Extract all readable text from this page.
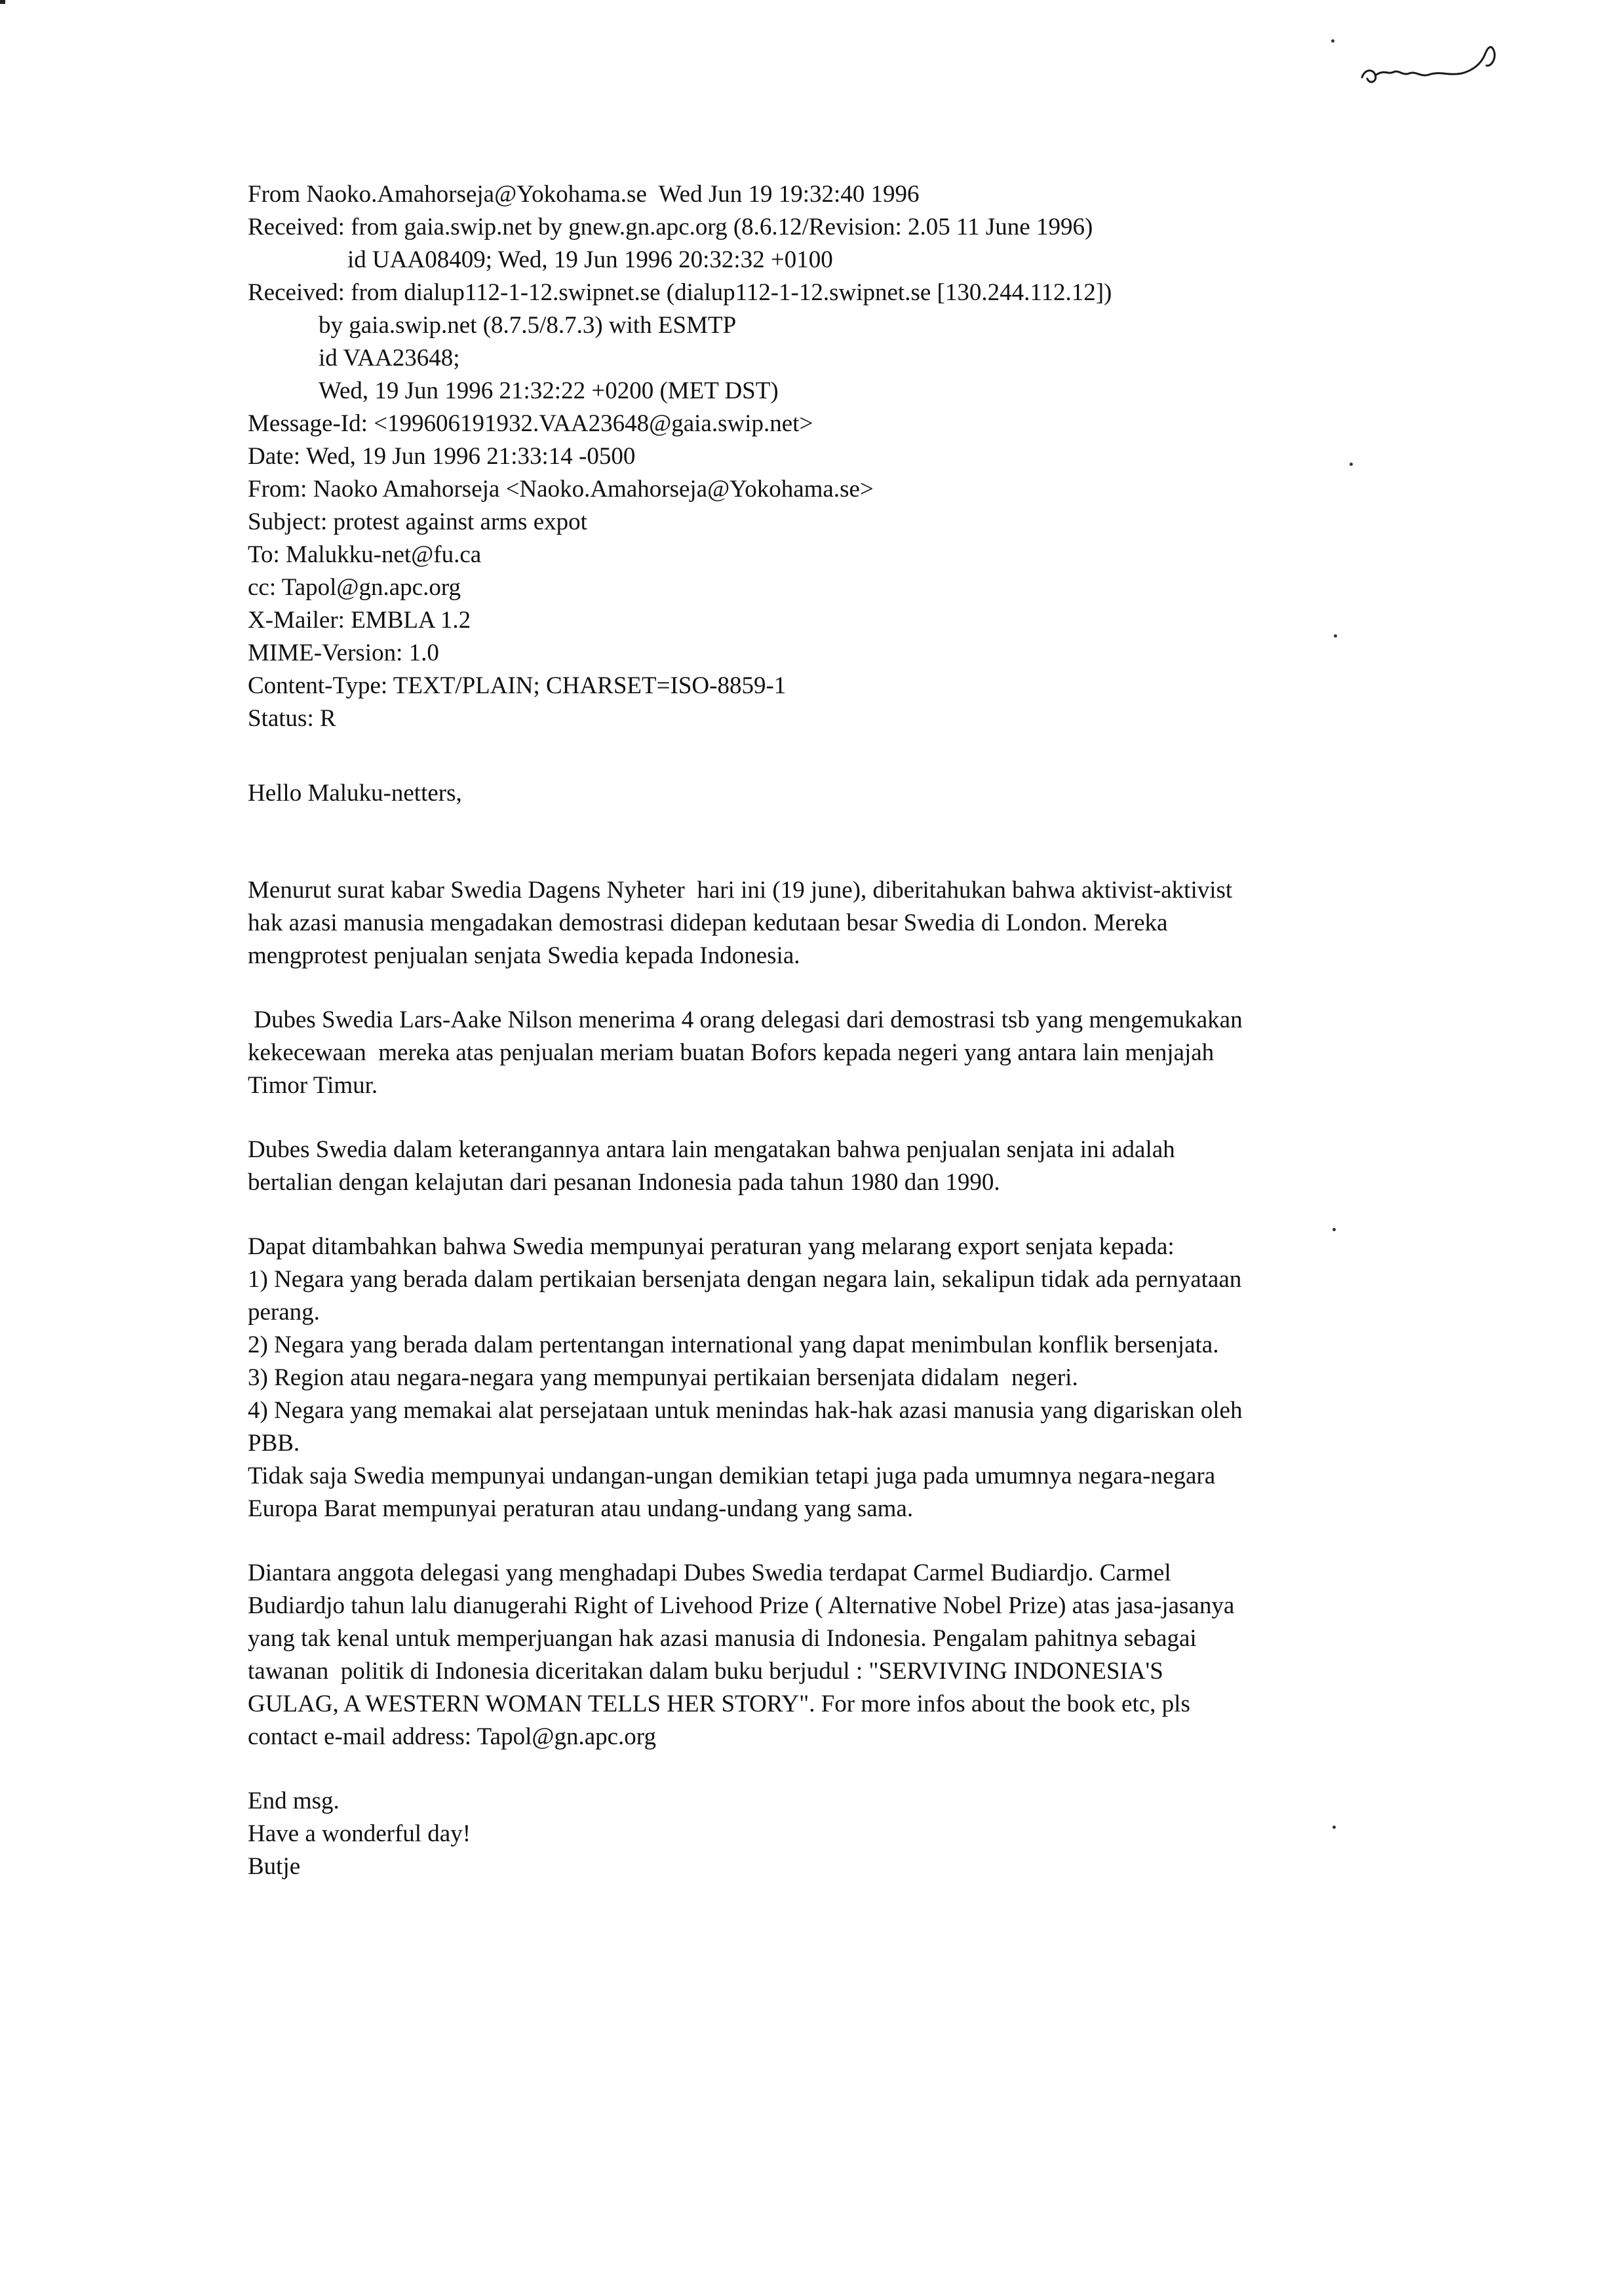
From Naoko.Amahorseja@Yokohama.se  Wed Jun 19 19:32:40 1996
Received: from gaia.swip.net by gnew.gn.apc.org (8.6.12/Revision: 2.05 11 June 1996)
id UAA08409; Wed, 19 Jun 1996 20:32:32 +0100
Received: from dialup112-1-12.swipnet.se (dialup112-1-12.swipnet.se [130.244.112.12])
by gaia.swip.net (8.7.5/8.7.3) with ESMTP
id VAA23648;
Wed, 19 Jun 1996 21:32:22 +0200 (MET DST)
Message-Id: <199606191932.VAA23648@gaia.swip.net>
Date: Wed, 19 Jun 1996 21:33:14 -0500
From: Naoko Amahorseja <Naoko.Amahorseja@Yokohama.se>
Subject: protest against arms expot
To: Malukku-net@fu.ca
cc: Tapol@gn.apc.org
X-Mailer: EMBLA 1.2
MIME-Version: 1.0
Content-Type: TEXT/PLAIN; CHARSET=ISO-8859-1
Status: R
Hello Maluku-netters,
Menurut surat kabar Swedia Dagens Nyheter  hari ini (19 june), diberitahukan bahwa aktivist-aktivist
hak azasi manusia mengadakan demostrasi didepan kedutaan besar Swedia di London. Mereka
mengprotest penjualan senjata Swedia kepada Indonesia.
Dubes Swedia Lars-Aake Nilson menerima 4 orang delegasi dari demostrasi tsb yang mengemukakan
kekecewaan  mereka atas penjualan meriam buatan Bofors kepada negeri yang antara lain menjajah
Timor Timur.
Dubes Swedia dalam keterangannya antara lain mengatakan bahwa penjualan senjata ini adalah
bertalian dengan kelajutan dari pesanan Indonesia pada tahun 1980 dan 1990.
Dapat ditambahkan bahwa Swedia mempunyai peraturan yang melarang export senjata kepada:
1) Negara yang berada dalam pertikaian bersenjata dengan negara lain, sekalipun tidak ada pernyataan
perang.
2) Negara yang berada dalam pertentangan international yang dapat menimbulan konflik bersenjata.
3) Region atau negara-negara yang mempunyai pertikaian bersenjata didalam  negeri.
4) Negara yang memakai alat persejataan untuk menindas hak-hak azasi manusia yang digariskan oleh
PBB.
Tidak saja Swedia mempunyai undangan-ungan demikian tetapi juga pada umumnya negara-negara
Europa Barat mempunyai peraturan atau undang-undang yang sama.
Diantara anggota delegasi yang menghadapi Dubes Swedia terdapat Carmel Budiardjo. Carmel
Budiardjo tahun lalu dianugerahi Right of Livehood Prize ( Alternative Nobel Prize) atas jasa-jasanya
yang tak kenal untuk memperjuangan hak azasi manusia di Indonesia. Pengalam pahitnya sebagai
tawanan  politik di Indonesia diceritakan dalam buku berjudul : "SERVIVING INDONESIA'S
GULAG, A WESTERN WOMAN TELLS HER STORY". For more infos about the book etc, pls
contact e-mail address: Tapol@gn.apc.org
End msg.
Have a wonderful day!
Butje
